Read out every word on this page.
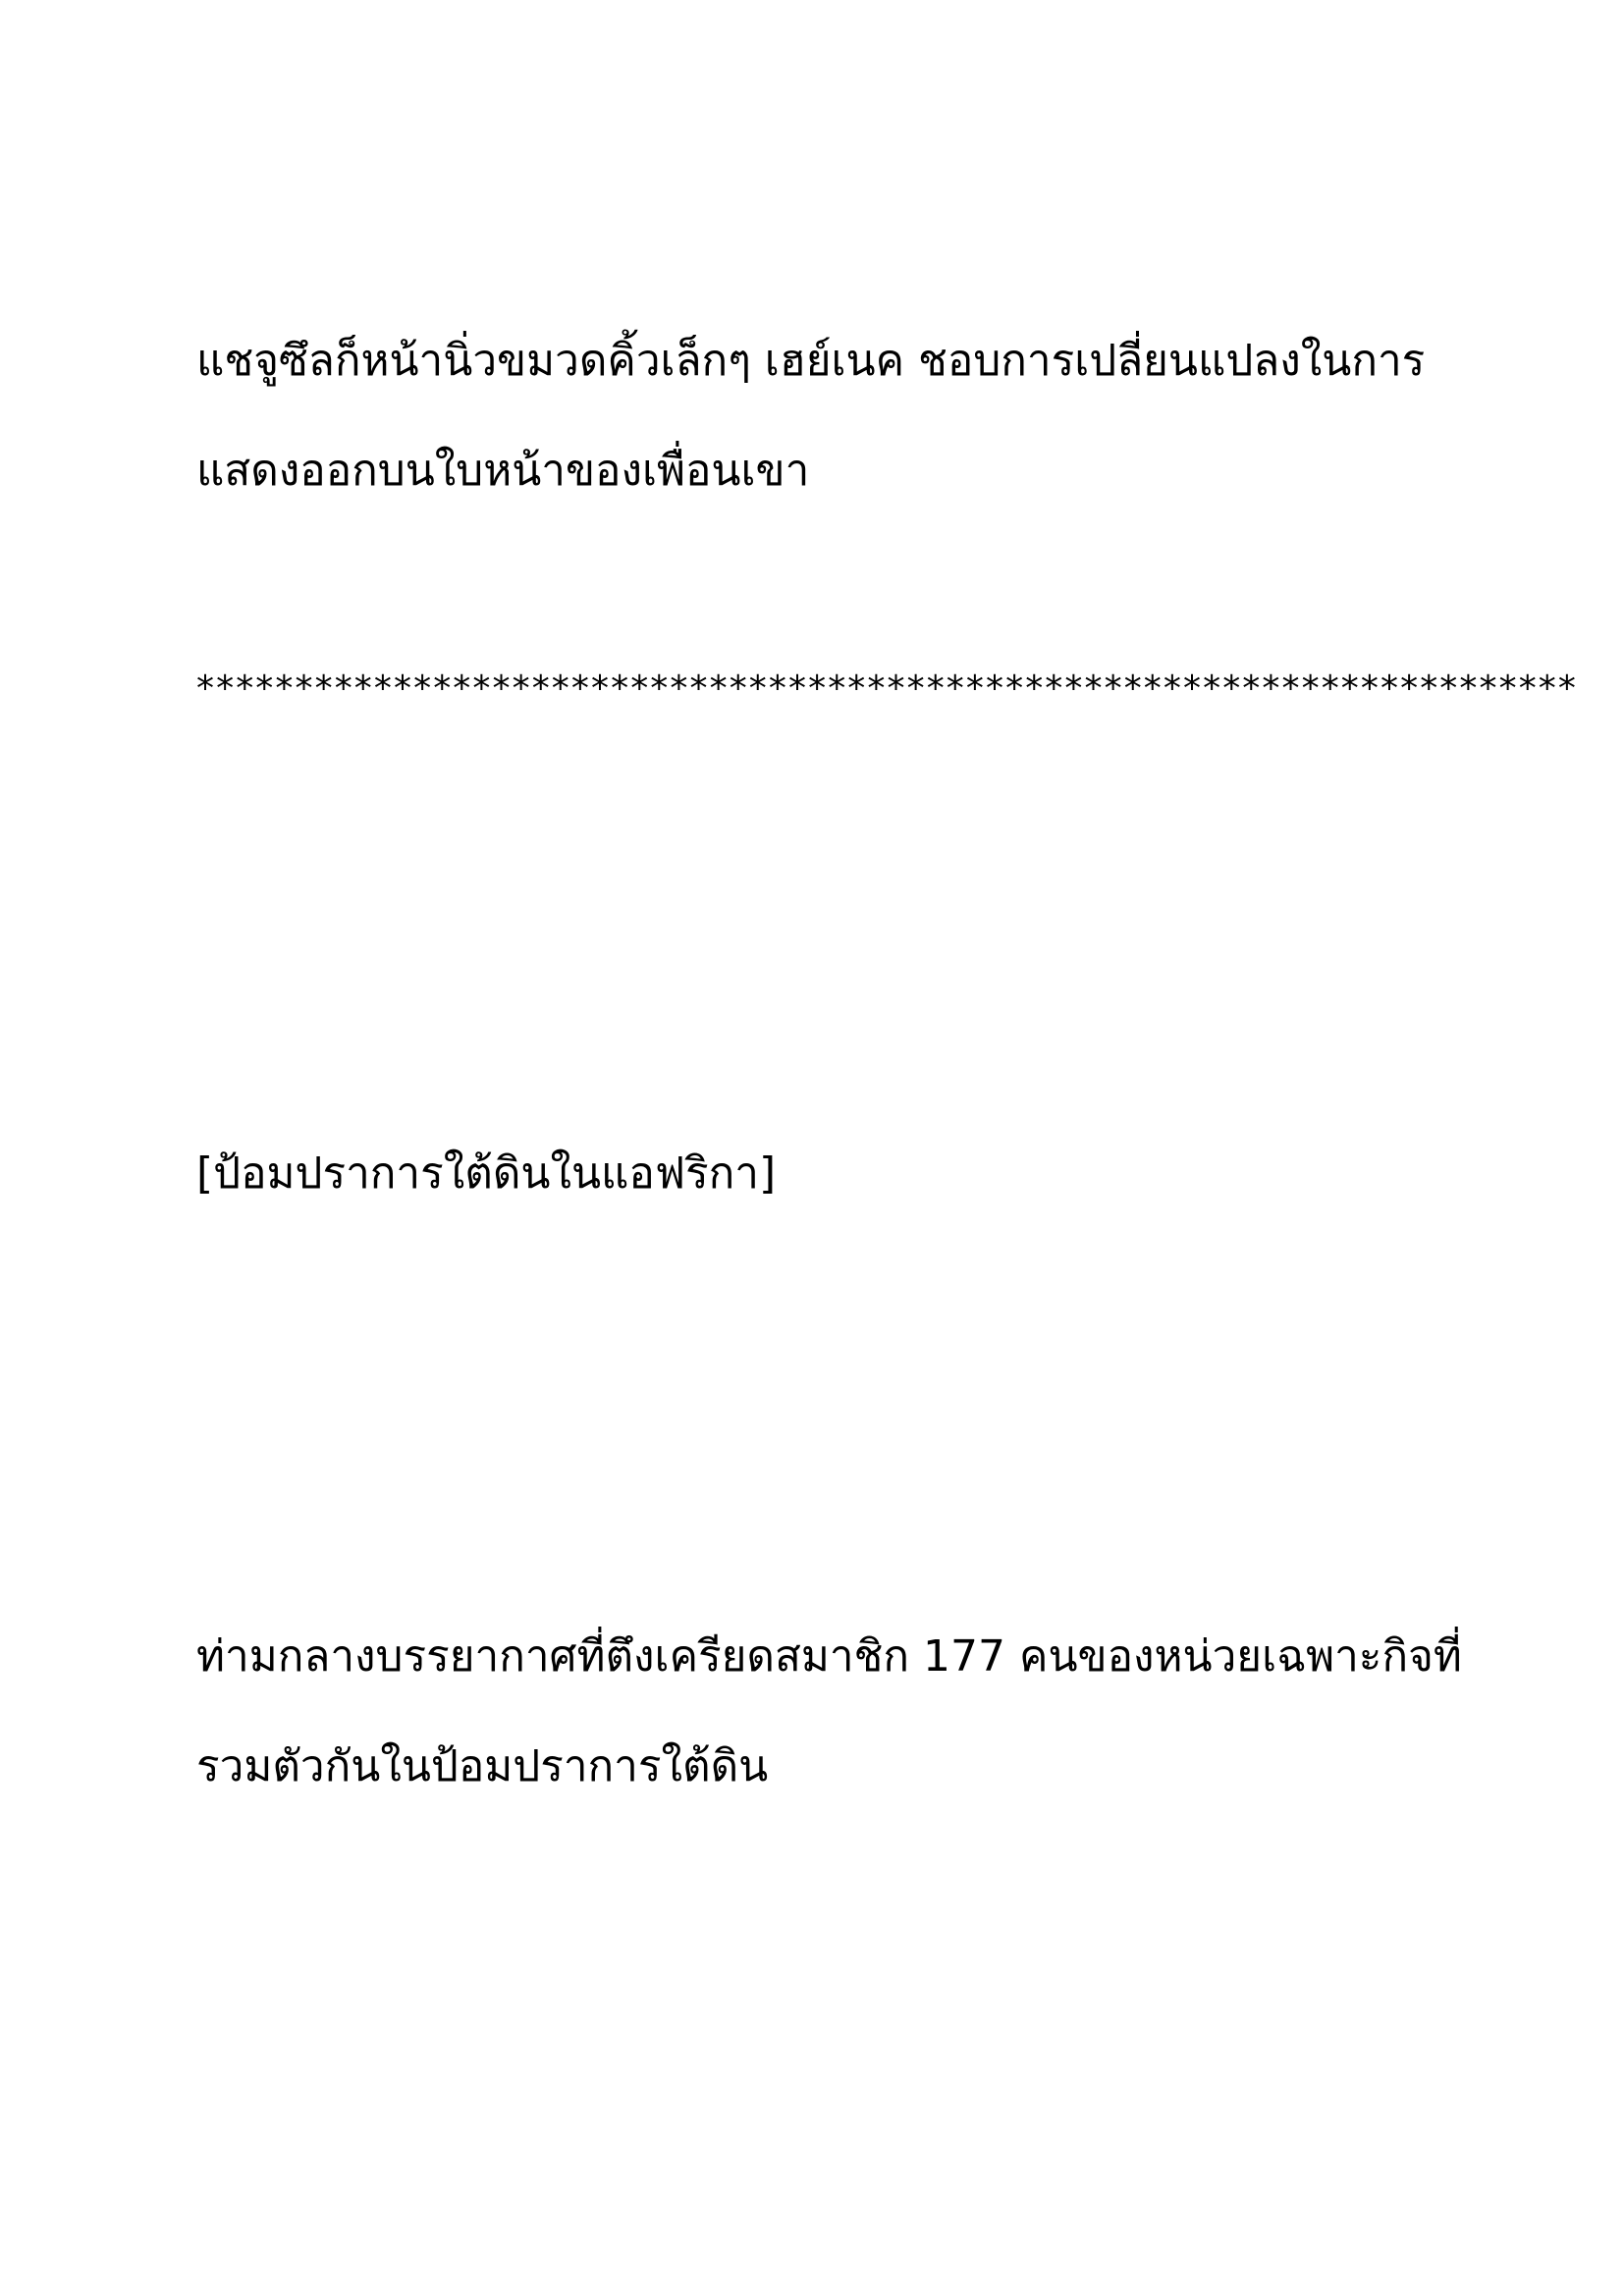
แชจูซึลก็หน้านิ่วขมวดคิ้วเล็กๆ เฮย์เนค ชอบการเปลี่ยนแปลงในการ
แสดงออกบนใบหน้าของเพื่อนเขา
**********************************************************************
[ป้อมปราการใต้ดินในแอฟริกา]
ท่ามกลางบรรยากาศที่ตึงเครียดสมาชิก 177 คนของหน่วยเฉพาะกิจที่
รวมตัวกันในป้อมปราการใต้ดิน
